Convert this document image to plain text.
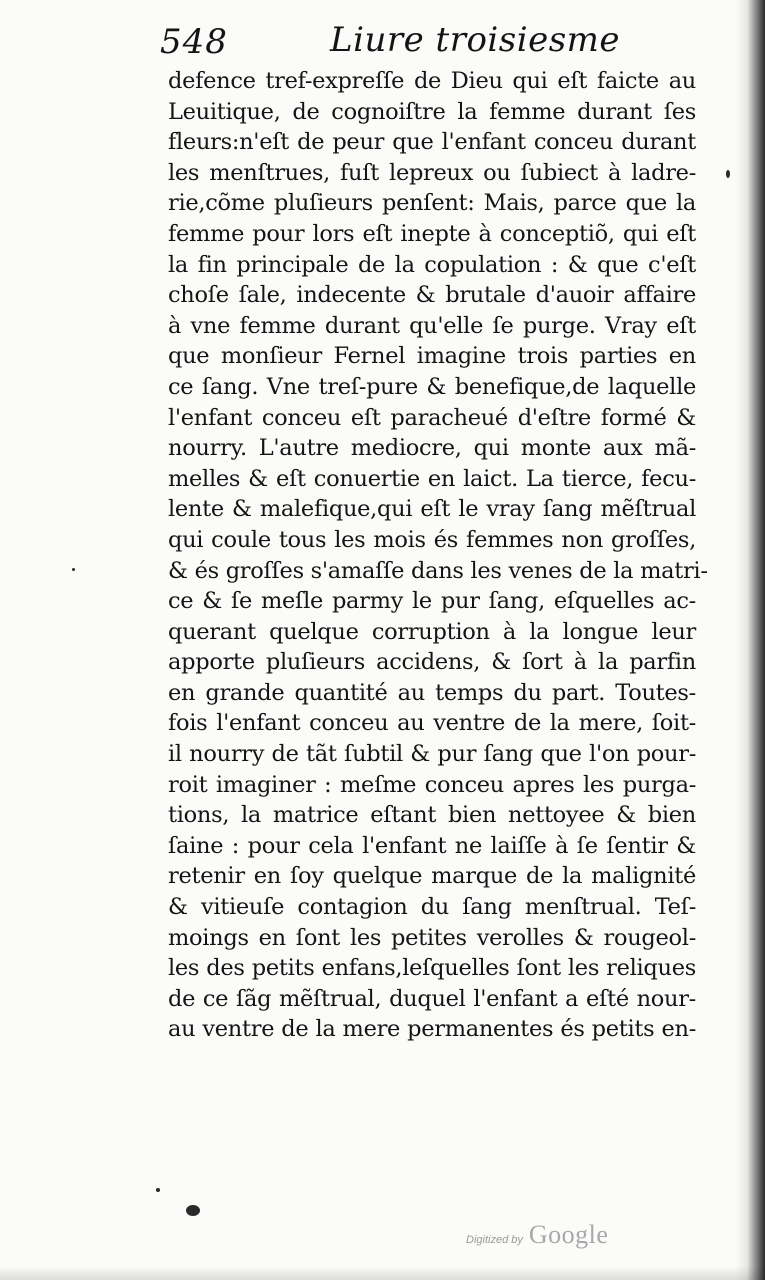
548	Liure troisiesme
defence tref-expreſſe de Dieu qui eſt faicte au
Leuitique, de cognoiſtre la femme durant ſes
fleurs:n'eſt de peur que l'enfant conceu durant
les menſtrues, fuſt lepreux ou ſubiect à ladre-
rie,cõme pluſieurs penſent: Mais, parce que la
femme pour lors eſt inepte à conceptiõ, qui eſt
la fin principale de la copulation : & que c'eſt
choſe ſale, indecente & brutale d'auoir affaire
à vne femme durant qu'elle ſe purge. Vray eſt
que monſieur Fernel imagine trois parties en
ce ſang. Vne treſ-pure & benefique,de laquelle
l'enfant conceu eſt paracheué d'eſtre formé &
nourry. L'autre mediocre, qui monte aux mã-
melles & eſt conuertie en laict. La tierce, fecu-
lente & malefique,qui eſt le vray ſang mẽſtrual
qui coule tous les mois és femmes non groſſes,
& és groſſes s'amaſſe dans les venes de la matri-
ce & ſe meſle parmy le pur ſang, eſquelles ac-
querant quelque corruption à la longue leur
apporte pluſieurs accidens, & ſort à la parfin
en grande quantité au temps du part. Toutes-
fois l'enfant conceu au ventre de la mere, ſoit-
il nourry de tãt ſubtil & pur ſang que l'on pour-
roit imaginer : meſme conceu apres les purga-
tions, la matrice eſtant bien nettoyee & bien
ſaine : pour cela l'enfant ne laiſſe à ſe ſentir &
retenir en ſoy quelque marque de la malignité
& vitieuſe contagion du ſang menſtrual. Teſ-
moings en ſont les petites verolles & rougeol-
les des petits enfans,leſquelles ſont les reliques
de ce ſãg mẽſtrual, duquel l'enfant a eſté nour-
au ventre de la mere permanentes és petits en-
Digitized by Google
